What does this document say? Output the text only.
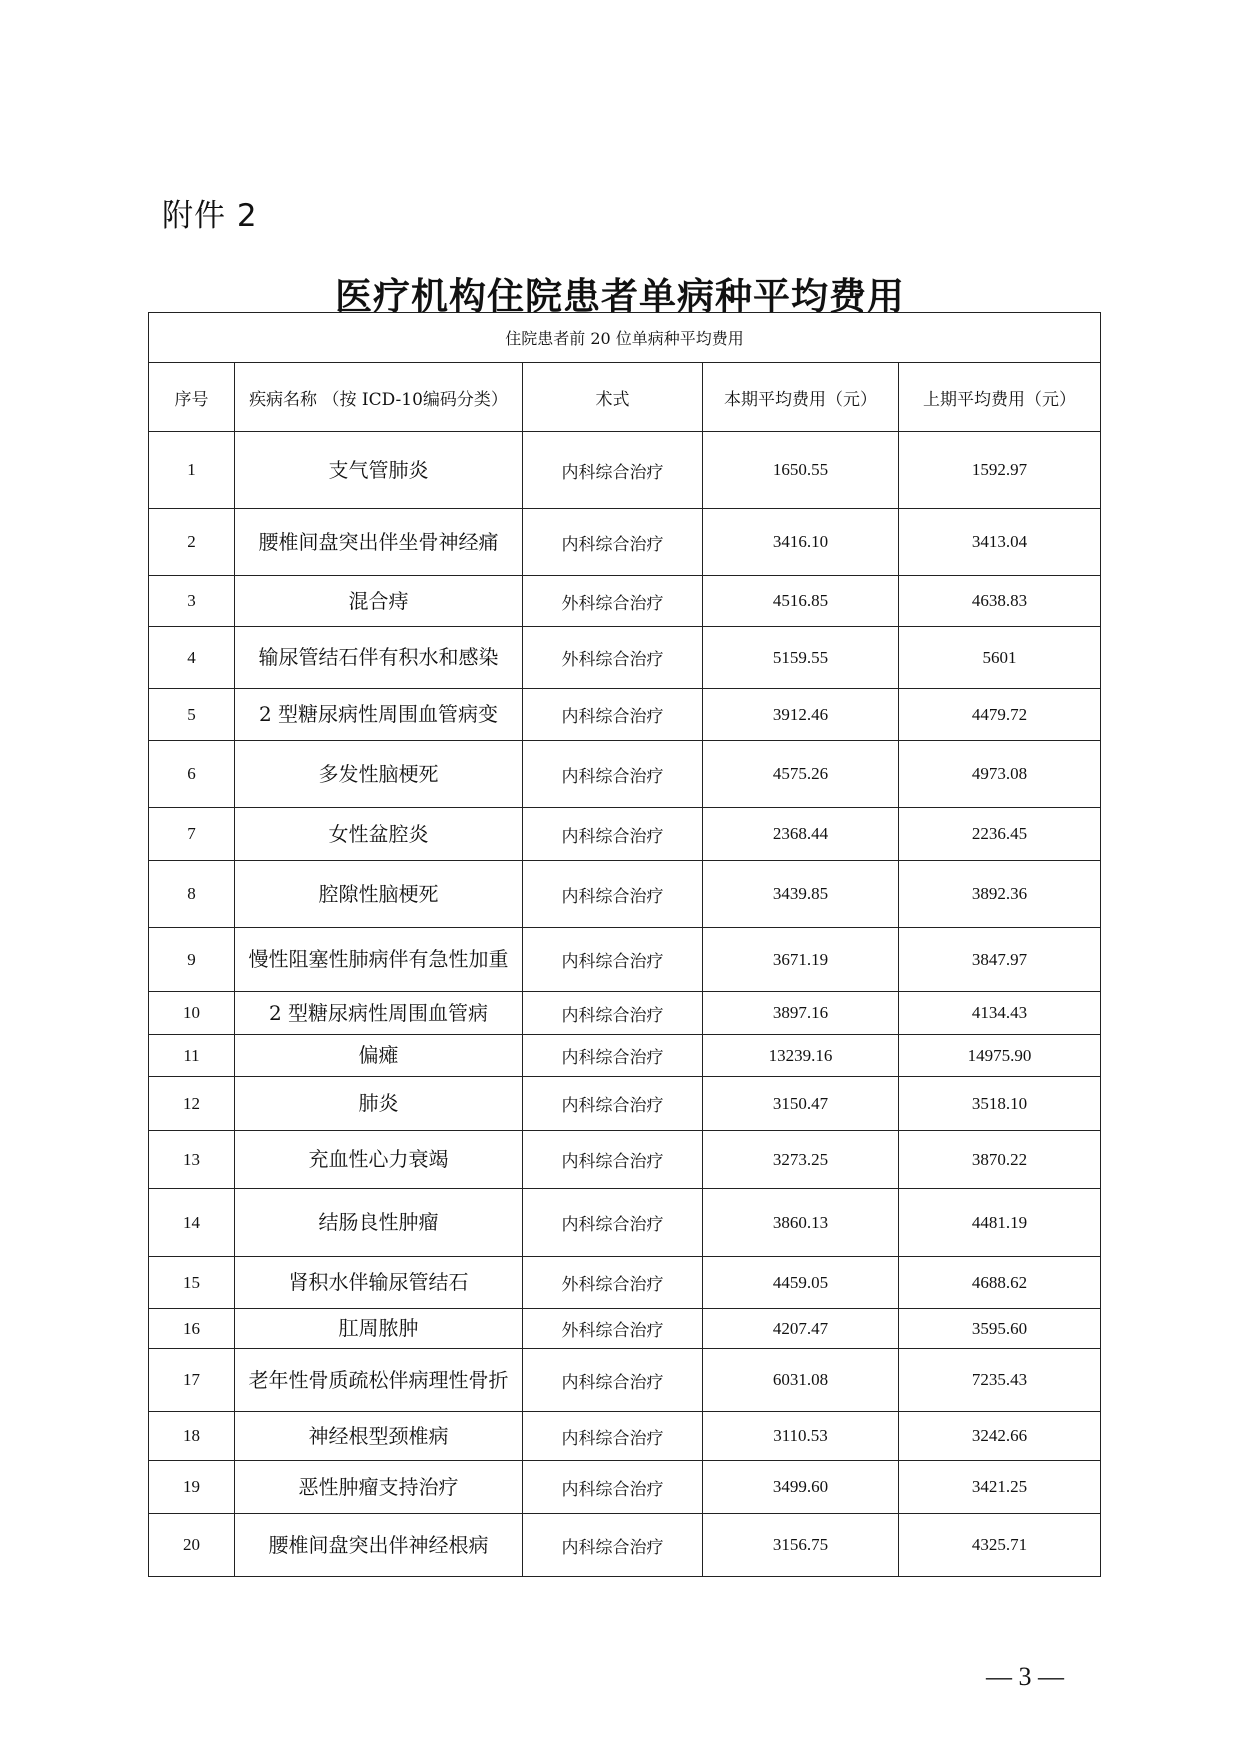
附件 2
医疗机构住院患者单病种平均费用
住院患者前 20 位单病种平均费用				
序号	疾病名称 （按 ICD-10编码分类）	术式	本期平均费用（元）	上期平均费用（元）
1	支气管肺炎	内科综合治疗	1650.55	1592.97
2	腰椎间盘突出伴坐骨神经痛	内科综合治疗	3416.10	3413.04
3	混合痔	外科综合治疗	4516.85	4638.83
4	输尿管结石伴有积水和感染	外科综合治疗	5159.55	5601
5	2 型糖尿病性周围血管病变	内科综合治疗	3912.46	4479.72
6	多发性脑梗死	内科综合治疗	4575.26	4973.08
7	女性盆腔炎	内科综合治疗	2368.44	2236.45
8	腔隙性脑梗死	内科综合治疗	3439.85	3892.36
9	慢性阻塞性肺病伴有急性加重	内科综合治疗	3671.19	3847.97
10	2 型糖尿病性周围血管病	内科综合治疗	3897.16	4134.43
11	偏瘫	内科综合治疗	13239.16	14975.90
12	肺炎	内科综合治疗	3150.47	3518.10
13	充血性心力衰竭	内科综合治疗	3273.25	3870.22
14	结肠良性肿瘤	内科综合治疗	3860.13	4481.19
15	肾积水伴输尿管结石	外科综合治疗	4459.05	4688.62
16	肛周脓肿	外科综合治疗	4207.47	3595.60
17	老年性骨质疏松伴病理性骨折	内科综合治疗	6031.08	7235.43
18	神经根型颈椎病	内科综合治疗	3110.53	3242.66
19	恶性肿瘤支持治疗	内科综合治疗	3499.60	3421.25
20	腰椎间盘突出伴神经根病	内科综合治疗	3156.75	4325.71
— 3 —
